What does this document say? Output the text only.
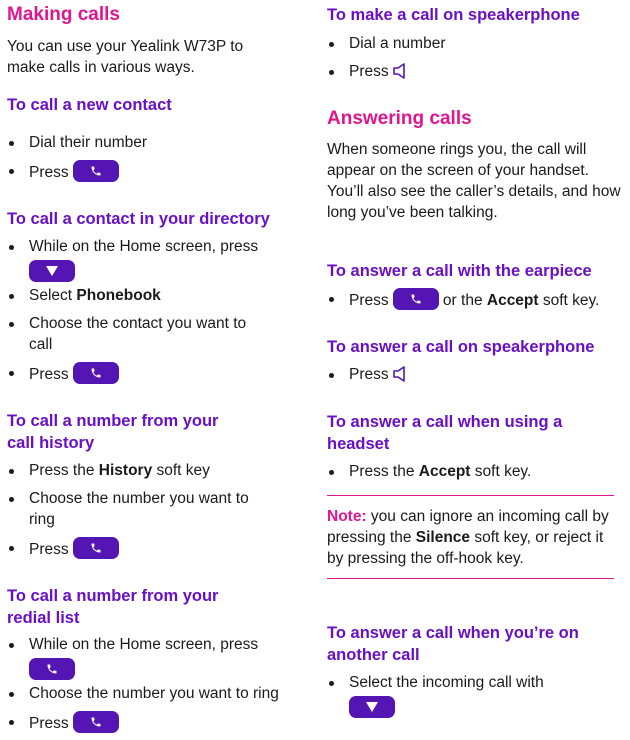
Making calls
You can use your Yealink W73P to make calls in various ways.
To call a new contact
Dial their number
Press
To call a contact in your directory
While on the Home screen, press

Select Phonebook
Choose the contact you want to call
Press
To call a number from your call history
Press the History soft key
Choose the number you want to ring
Press
To call a number from your redial list
While on the Home screen, press

Choose the number you want to ring
Press
To make a call on speakerphone
Dial a number
Press
Answering calls
When someone rings you, the call will appear on the screen of your handset. You’ll also see the caller’s details, and how long you’ve been talking.
To answer a call with the earpiece
Press	or the Accept soft key.
To answer a call on speakerphone
Press
To answer a call when using a headset
Press the Accept soft key.
Note: you can ignore an incoming call by pressing the Silence soft key, or reject it by pressing the off-hook key.
To answer a call when you’re on another call
Select the incoming call with
